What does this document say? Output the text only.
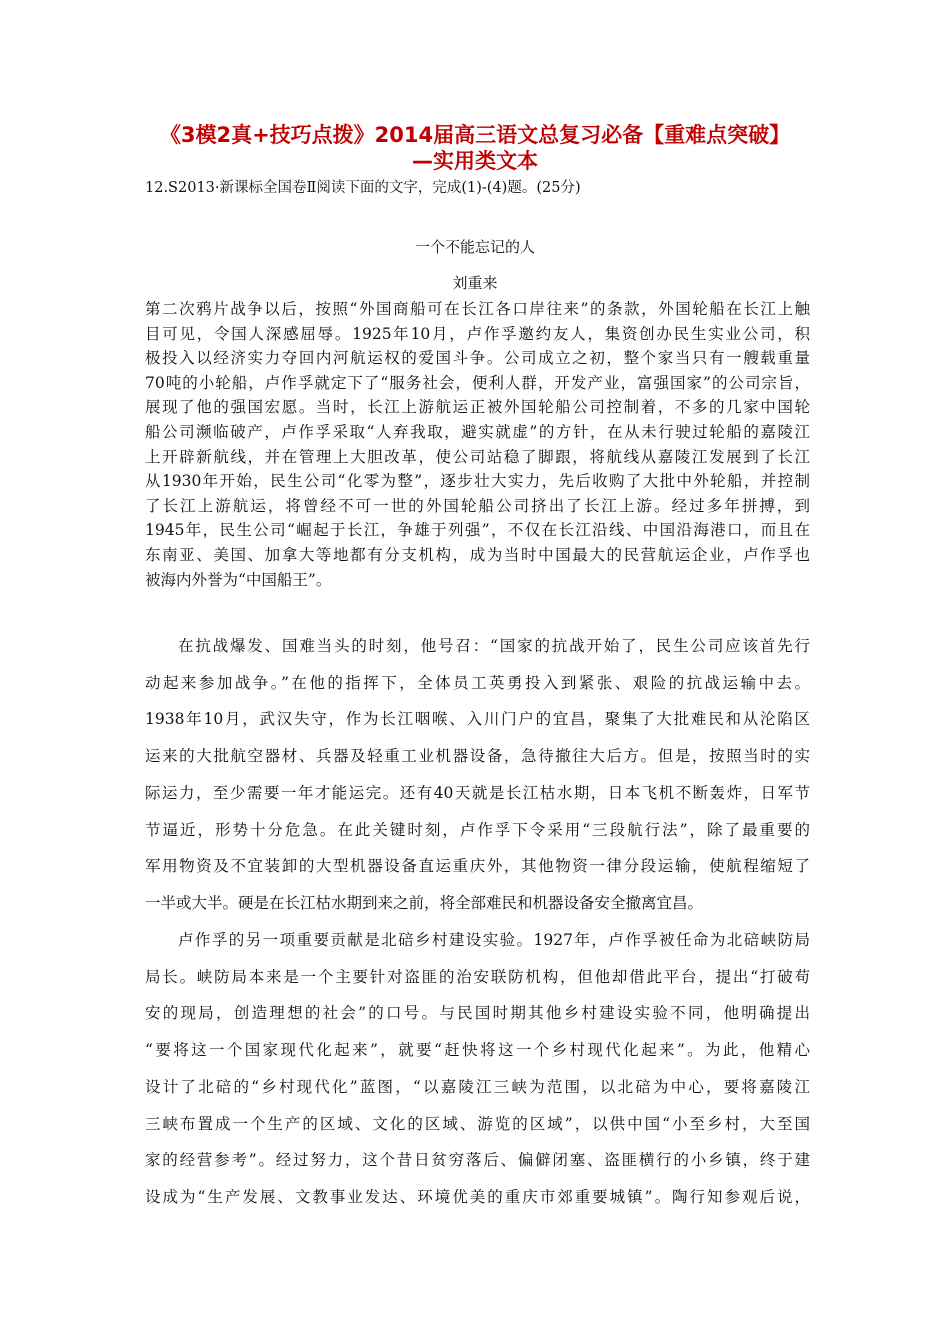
《3模2真+技巧点拨》2014届高三语文总复习必备【重难点突破】
—实用类文本

12.S2013·新课标全国卷Ⅱ阅读下面的文字，完成(1)-(4)题。(25分)

一个不能忘记的人

刘重来

第二次鸦片战争以后，按照“外国商船可在长江各口岸往来”的条款，外国轮船在长江上触
目可见，令国人深感屈辱。1925年10月，卢作孚邀约友人，集资创办民生实业公司，积
极投入以经济实力夺回内河航运权的爱国斗争。公司成立之初，整个家当只有一艘载重量
70吨的小轮船，卢作孚就定下了“服务社会，便利人群，开发产业，富强国家”的公司宗旨，
展现了他的强国宏愿。当时，长江上游航运正被外国轮船公司控制着，不多的几家中国轮
船公司濒临破产，卢作孚采取“人弃我取，避实就虚”的方针，在从未行驶过轮船的嘉陵江
上开辟新航线，并在管理上大胆改革，使公司站稳了脚跟，将航线从嘉陵江发展到了长江
从1930年开始，民生公司“化零为整”，逐步壮大实力，先后收购了大批中外轮船，并控制
了长江上游航运，将曾经不可一世的外国轮船公司挤出了长江上游。经过多年拼搏，到
1945年，民生公司“崛起于长江，争雄于列强”，不仅在长江沿线、中国沿海港口，而且在
东南亚、美国、加拿大等地都有分支机构，成为当时中国最大的民营航运企业，卢作孚也
被海内外誉为“中国船王”。

在抗战爆发、国难当头的时刻，他号召：“国家的抗战开始了，民生公司应该首先行
动起来参加战争。”在他的指挥下，全体员工英勇投入到紧张、艰险的抗战运输中去。
1938年10月，武汉失守，作为长江咽喉、入川门户的宜昌，聚集了大批难民和从沦陷区
运来的大批航空器材、兵器及轻重工业机器设备，急待撤往大后方。但是，按照当时的实
际运力，至少需要一年才能运完。还有40天就是长江枯水期，日本飞机不断轰炸，日军节
节逼近，形势十分危急。在此关键时刻，卢作孚下令采用“三段航行法”，除了最重要的
军用物资及不宜装卸的大型机器设备直运重庆外，其他物资一律分段运输，使航程缩短了
一半或大半。硬是在长江枯水期到来之前，将全部难民和机器设备安全撤离宜昌。

卢作孚的另一项重要贡献是北碚乡村建设实验。1927年，卢作孚被任命为北碚峡防局
局长。峡防局本来是一个主要针对盗匪的治安联防机构，但他却借此平台，提出“打破苟
安的现局，创造理想的社会”的口号。与民国时期其他乡村建设实验不同，他明确提出
“要将这一个国家现代化起来”，就要“赶快将这一个乡村现代化起来”。为此，他精心
设计了北碚的“乡村现代化”蓝图，“以嘉陵江三峡为范围，以北碚为中心，要将嘉陵江
三峡布置成一个生产的区域、文化的区域、游览的区域”，以供中国“小至乡村，大至国
家的经营参考”。经过努力，这个昔日贫穷落后、偏僻闭塞、盗匪横行的小乡镇，终于建
设成为“生产发展、文教事业发达、环境优美的重庆市郊重要城镇”。陶行知参观后说，
